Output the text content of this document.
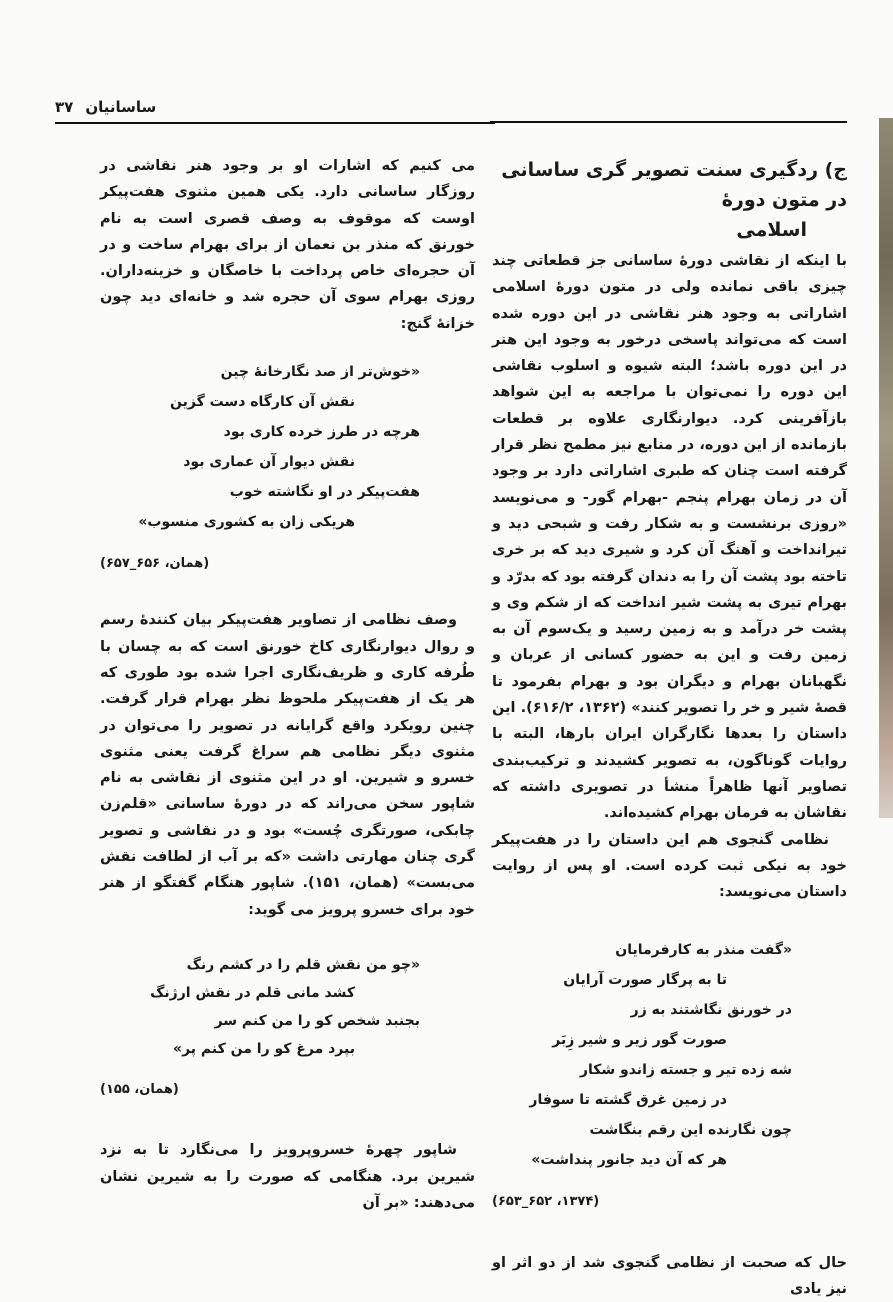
ساسانیان
۳۷
ج) ردگیری سنت تصویر گری ساسانی در متون دورهٔ
اسلامی

با اینکه از نقاشی دورهٔ ساسانی جز قطعاتی چند چیزی باقی نمانده ولی در متون دورهٔ اسلامی اشاراتی به وجود هنر نقاشی در این دوره شده است که می‌تواند پاسخی درخور به وجود این هنر در این دوره باشد؛ البته شیوه و اسلوب نقاشی این دوره را نمی‌توان با مراجعه به این شواهد بازآفرینی کرد. دیوارنگاری علاوه بر قطعات بازمانده از این دوره، در منابع نیز مطمح نظر قرار گرفته است چنان که طبری اشاراتی دارد بر وجود آن در زمان بهرام پنجم -بهرام گور- و می‌نویسد «روزی برنشست و به شکار رفت و شبحی دید و تیرانداخت و آهنگ آن کرد و شیری دید که بر خری تاخته بود پشت آن را به دندان گرفته بود که بدرّد و بهرام تیری به پشت شیر انداخت که از شکم وی و پشت خر درآمد و به زمین رسید و یک‌سوم آن به زمین رفت و این به حضور کسانی از عربان و نگهبانان بهرام و دیگران بود و بهرام بفرمود تا قصهٔ شیر و خر را تصویر کنند» (۱۳۶۲، ۶۱۶/۲). این داستان را بعدها نگارگران ایران بارها، البته با روایات گوناگون، به تصویر کشیدند و ترکیب‌بندی تصاویر آنها ظاهراً منشأ در تصویری داشته که نقاشان به فرمان بهرام کشیده‌اند.

نظامی گنجوی هم این داستان را در هفت‌پیکر خود به نیکی ثبت کرده است. او پس از روایت داستان می‌نویسد:

«گفت منذر به کارفرمایان
تا به پرگار صورت آرایان
در خورنق نگاشتند به زر
صورت گور زیر و شیر زِبَر
شه زده تیر و جسته زاندو شکار
در زمین غرق گشته تا سوفار
چون نگارنده این رقم بنگاشت
هر که آن دید جانور پنداشت»
(۱۳۷۴، ۶۵۲_۶۵۳)

حال که صحبت از نظامی گنجوی شد از دو اثر او نیز یادی

می کنیم که اشارات او بر وجود هنر نقاشی در روزگار ساسانی دارد. یکی همین مثنوی هفت‌پیکر اوست که موقوف به وصف قصری است به نام خورنق که منذر بن نعمان از برای بهرام ساخت و در آن حجره‌ای خاص پرداخت با خاصگان و خزینه‌داران. روزی بهرام سوی آن حجره شد و خانه‌ای دید چون خزانهٔ گنج:

«خوش‌تر از صد نگارخانهٔ چین
نقش آن کارگاه دست گزین
هرچه در طرز خرده کاری بود
نقش دیوار آن عماری بود
هفت‌پیکر در او نگاشته خوب
هریکی زان به کشوری منسوب»
(همان، ۶۵۶_۶۵۷)

وصف نظامی از تصاویر هفت‌پیکر بیان کنندهٔ رسم و روال دیوارنگاری کاخ خورنق است که به چسان با طُرفه کاری و ظریف‌نگاری اجرا شده بود طوری که هر یک از هفت‌پیکر ملحوظ نظر بهرام قرار گرفت. چنین رویکرد واقع گرایانه در تصویر را می‌توان در مثنوی دیگر نظامی هم سراغ گرفت یعنی مثنوی خسرو و شیرین. او در این مثنوی از نقاشی به نام شاپور سخن می‌راند که در دورهٔ ساسانی «قلم‌زن چابکی، صورتگری چُست» بود و در نقاشی و تصویر گری چنان مهارتی داشت «که بر آب از لطافت نقش می‌بست» (همان، ۱۵۱). شاپور هنگام گفتگو از هنر خود برای خسرو پرویز می گوید:

«چو من نقش قلم را در کشم رنگ
کشد مانی قلم در نقش ارژنگ
بجنبد شخص کو را من کنم سر
بپرد مرغ کو را من کنم پر»
(همان، ۱۵۵)

شاپور چهرهٔ خسروپرویز را می‌نگارد تا به نزد شیرین برد. هنگامی که صورت را به شیرین نشان می‌دهند: «بر آن
